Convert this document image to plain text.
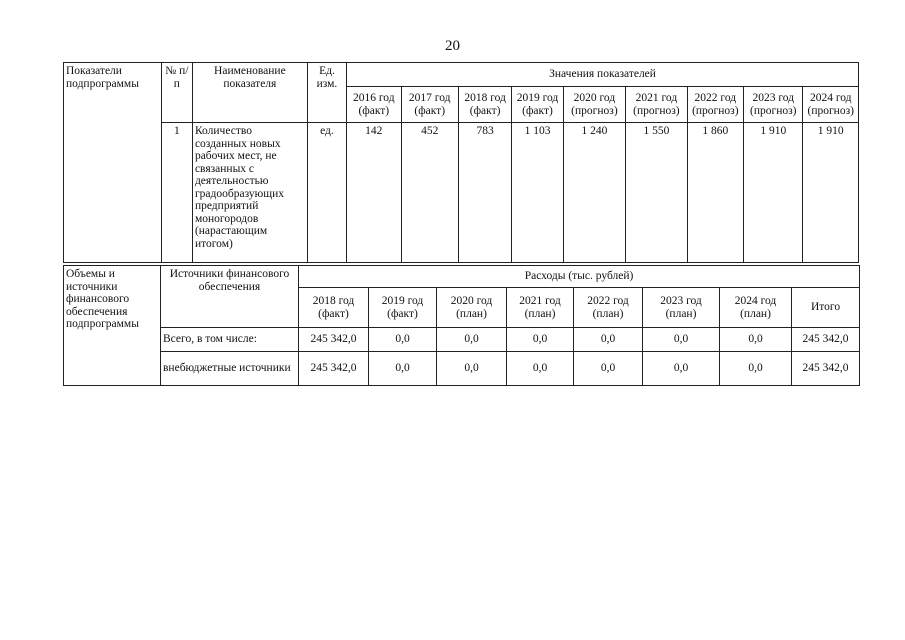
20
Показатели подпрограммы	№ п/п	Наименование показателя	Ед. изм.	Значения показателей								
				2016 год (факт)	2017 год (факт)	2018 год (факт)	2019 год (факт)	2020 год (прогноз)	2021 год (прогноз)	2022 год (прогноз)	2023 год (прогноз)	2024 год (прогноз)
	1	Количество созданных новых рабочих мест, не связанных с деятельностью градообразующих предприятий моногородов (нарастающим итогом)	ед.	142	452	783	1 103	1 240	1 550	1 860	1 910	1 910
Объемы и источники финансового обеспечения подпрограммы	Источники финансового обеспечения	Расходы (тыс. рублей)							
		2018 год (факт)	2019 год (факт)	2020 год (план)	2021 год (план)	2022 год (план)	2023 год (план)	2024 год (план)	Итого
	Всего, в том числе:	245 342,0	0,0	0,0	0,0	0,0	0,0	0,0	245 342,0
	внебюджетные источники	245 342,0	0,0	0,0	0,0	0,0	0,0	0,0	245 342,0
